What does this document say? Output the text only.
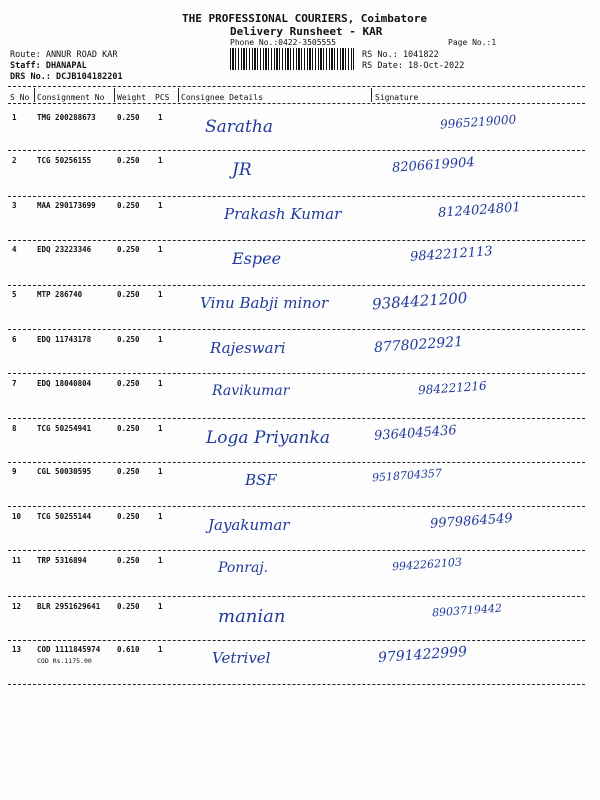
THE PROFESSIONAL COURIERS, Coimbatore
Delivery Runsheet - KAR
Phone No.:0422-3505555	Page No.:1
Route: ANNUR ROAD KAR
Staff: DHANAPAL
DRS No.: DCJB104182201
RS No.: 1041822
RS Date: 18-Oct-2022
S No Consignment No Weight PCS Consignee Details	Signature
1	TMG 200288673	0.250 1 Saratha	9965219000
2	TCG 50256155	0.250 1	JR	8206619904
3	MAA 290173699	0.250 1	Prakash Kumar	8124024801
4	EDQ 23223346	0.250 1	Espee	9842212113
5	MTP 286740	0.250 1 Vinu Babji minor	9384421200
6	EDQ 11743178	0.250 1	Rajeswari	8778022921
7	EDQ 18040804	0.250 1	Ravikumar	984221216
8	TCG 50254941	0.250 1	Loga Priyanka	9364045436
9	CGL 50030595	0.250 1	BSF	9518704357
10 TCG 50255144	0.250 1	Jayakumar	9979864549
11 TRP 5316894	0.250 1	Ponraj.	9942262103
12 BLR 2951629641 0.250 1	manian	8903719442
13 COD 1111845974 0.610 1	Vetrivel	9791422999
COD Rs.1175.00
